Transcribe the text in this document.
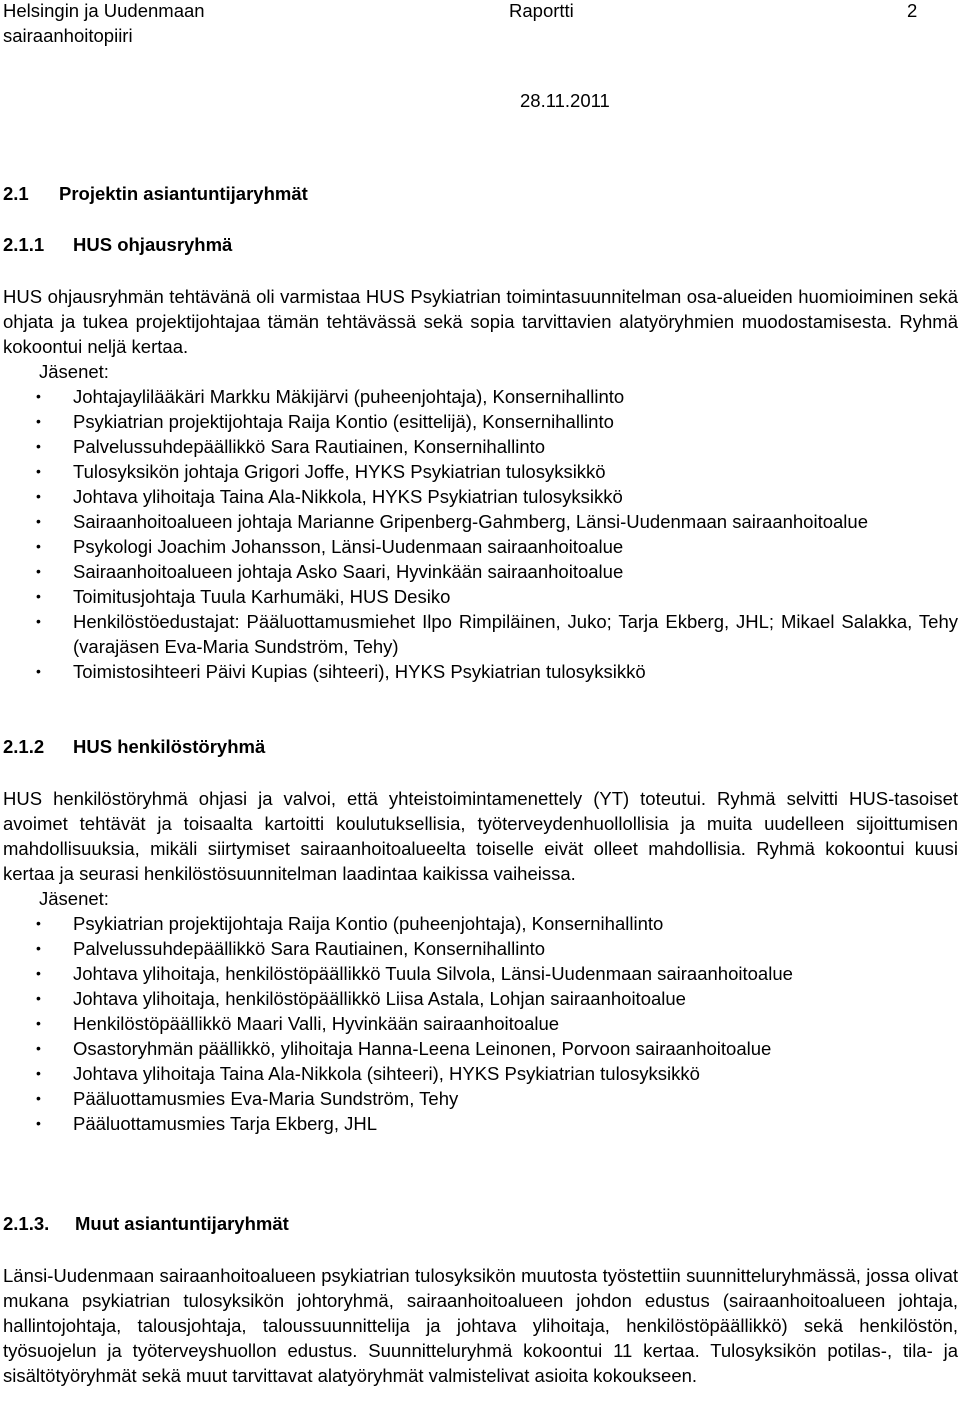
Helsingin ja Uudenmaan sairaanhoitopiiri
Raportti	2
28.11.2011
2.1 Projektin asiantuntijaryhmät
2.1.1 HUS ohjausryhmä

HUS ohjausryhmän tehtävänä oli varmistaa HUS Psykiatrian toimintasuunnitelman osa-alueiden huomioiminen sekä ohjata ja tukea projektijohtajaa tämän tehtävässä sekä sopia tarvittavien alatyöryhmien muodostamisesta. Ryhmä kokoontui neljä kertaa.

Jäsenet:
• Johtajaylilääkäri Markku Mäkijärvi (puheenjohtaja), Konsernihallinto
• Psykiatrian projektijohtaja Raija Kontio (esittelijä), Konsernihallinto
• Palvelussuhdepäällikkö Sara Rautiainen, Konsernihallinto
• Tulosyksikön johtaja Grigori Joffe, HYKS Psykiatrian tulosyksikkö
• Johtava ylihoitaja Taina Ala-Nikkola, HYKS Psykiatrian tulosyksikkö
• Sairaanhoitoalueen johtaja Marianne Gripenberg-Gahmberg, Länsi-Uudenmaan sairaanhoitoalue
• Psykologi Joachim Johansson, Länsi-Uudenmaan sairaanhoitoalue
• Sairaanhoitoalueen johtaja Asko Saari, Hyvinkään sairaanhoitoalue
• Toimitusjohtaja Tuula Karhumäki, HUS Desiko
• Henkilöstöedustajat: Pääluottamusmiehet Ilpo Rimpiläinen, Juko; Tarja Ekberg, JHL; Mikael Salakka, Tehy (varajäsen Eva-Maria Sundström, Tehy)
• Toimistosihteeri Päivi Kupias (sihteeri), HYKS Psykiatrian tulosyksikkö
2.1.2 HUS henkilöstöryhmä

HUS henkilöstöryhmä ohjasi ja valvoi, että yhteistoimintamenettely (YT) toteutui. Ryhmä selvitti HUS-tasoiset avoimet tehtävät ja toisaalta kartoitti koulutuksellisia, työterveydenhuollollisia ja muita uudelleen sijoittumisen mahdollisuuksia, mikäli siirtymiset sairaanhoitoalueelta toiselle eivät olleet mahdollisia. Ryhmä kokoontui kuusi kertaa ja seurasi henkilöstösuunnitelman laadintaa kaikissa vaiheissa.

Jäsenet:
• Psykiatrian projektijohtaja Raija Kontio (puheenjohtaja), Konsernihallinto
• Palvelussuhdepäällikkö Sara Rautiainen, Konsernihallinto
• Johtava ylihoitaja, henkilöstöpäällikkö Tuula Silvola, Länsi-Uudenmaan sairaanhoitoalue
• Johtava ylihoitaja, henkilöstöpäällikkö Liisa Astala, Lohjan sairaanhoitoalue
• Henkilöstöpäällikkö Maari Valli, Hyvinkään sairaanhoitoalue
• Osastoryhmän päällikkö, ylihoitaja Hanna-Leena Leinonen, Porvoon sairaanhoitoalue
• Johtava ylihoitaja Taina Ala-Nikkola (sihteeri), HYKS Psykiatrian tulosyksikkö
• Pääluottamusmies Eva-Maria Sundström, Tehy
• Pääluottamusmies Tarja Ekberg, JHL
2.1.3. Muut asiantuntijaryhmät

Länsi-Uudenmaan sairaanhoitoalueen psykiatrian tulosyksikön muutosta työstettiin suunnitteluryhmässä, jossa olivat mukana psykiatrian tulosyksikön johtoryhmä, sairaanhoitoalueen johdon edustus (sairaanhoitoalueen johtaja, hallintojohtaja, talousjohtaja, taloussuunnittelija ja johtava ylihoitaja, henkilöstöpäällikkö) sekä henkilöstön, työsuojelun ja työterveyshuollon edustus. Suunnitteluryhmä kokoontui 11 kertaa. Tulosyksikön potilas-, tila- ja sisältötyöryhmät sekä muut tarvittavat alatyöryhmät valmistelivat asioita kokoukseen.
